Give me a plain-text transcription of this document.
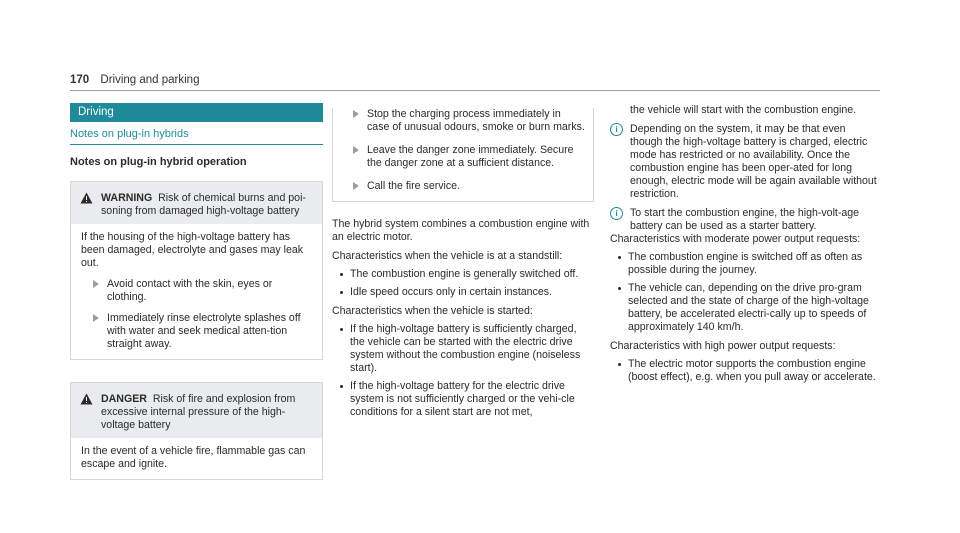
170 Driving and parking
Driving
Notes on plug-in hybrids
Notes on plug-in hybrid operation
WARNING Risk of chemical burns and poi-soning from damaged high-voltage battery

If the housing of the high-voltage battery has been damaged, electrolyte and gases may leak out.

Avoid contact with the skin, eyes or clothing.
Immediately rinse electrolyte splashes off with water and seek medical atten-tion straight away.
DANGER Risk of fire and explosion from excessive internal pressure of the high-voltage battery

In the event of a vehicle fire, flammable gas can escape and ignite.

Stop the charging process immediately in case of unusual odours, smoke or burn marks.
Leave the danger zone immediately. Secure the danger zone at a sufficient distance.
Call the fire service.

The hybrid system combines a combustion engine with an electric motor.

Characteristics when the vehicle is at a standstill:

The combustion engine is generally switched off.
Idle speed occurs only in certain instances.

Characteristics when the vehicle is started:

If the high-voltage battery is sufficiently charged, the vehicle can be started with the electric drive system without the combustion engine (noiseless start).
If the high-voltage battery for the electric drive system is not sufficiently charged or the vehi-cle conditions for a silent start are not met,

the vehicle will start with the combustion engine.

i	Depending on the system, it may be that even though the high-voltage battery is charged, electric mode has restricted or no availability. Once the combustion engine has been oper-ated for long enough, electric mode will be again available without restriction.
i	To start the combustion engine, the high-volt-age battery can be used as a starter battery.

Characteristics with moderate power output requests:

The combustion engine is switched off as often as possible during the journey.
The vehicle can, depending on the drive pro-gram selected and the state of charge of the high-voltage battery, be accelerated electri-cally up to speeds of approximately 140 km/h.

Characteristics with high power output requests:

The electric motor supports the combustion engine (boost effect), e.g. when you pull away or accelerate.
